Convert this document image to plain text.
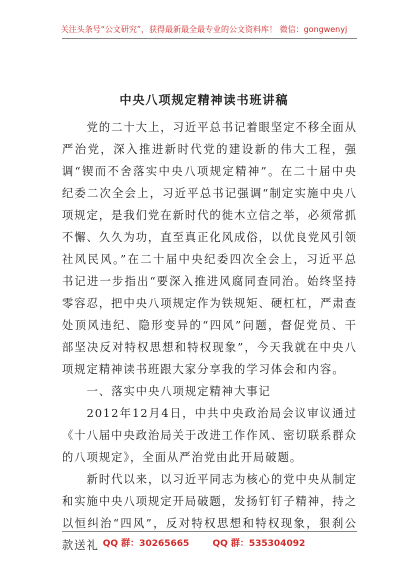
关注头条号“公文研究”，获得最新最全最专业的公文资料库！ 微信：gongwenyj
中央八项规定精神读书班讲稿

党的二十大上，习近平总书记着眼坚定不移全面从严治党，深入推进新时代党的建设新的伟大工程，强调“锲而不舍落实中央八项规定精神”。在二十届中央纪委二次全会上，习近平总书记强调“制定实施中央八项规定，是我们党在新时代的徙木立信之举，必须常抓不懈、久久为功，直至真正化风成俗，以优良党风引领社风民风。”在二十届中央纪委四次全会上，习近平总书记进一步指出“要深入推进风腐同查同治。始终坚持零容忍，把中央八项规定作为铁规矩、硬杠杠，严肃查处顶风违纪、隐形变异的“四风”问题，督促党员、干部坚决反对特权思想和特权现象”，今天我就在中央八项规定精神读书班跟大家分享我的学习体会和内容。

一、落实中央八项规定精神大事记

2012年12月4日，中共中央政治局会议审议通过《十八届中央政治局关于改进工作作风、密切联系群众的八项规定》，全面从严治党由此开局破题。

新时代以来，以习近平同志为核心的党中央从制定和实施中央八项规定开局破题，发扬钉钉子精神，持之以恒纠治“四风”，反对特权思想和特权现象，狠刹公款送礼 QQ 群：30265665	QQ 群：535304092
